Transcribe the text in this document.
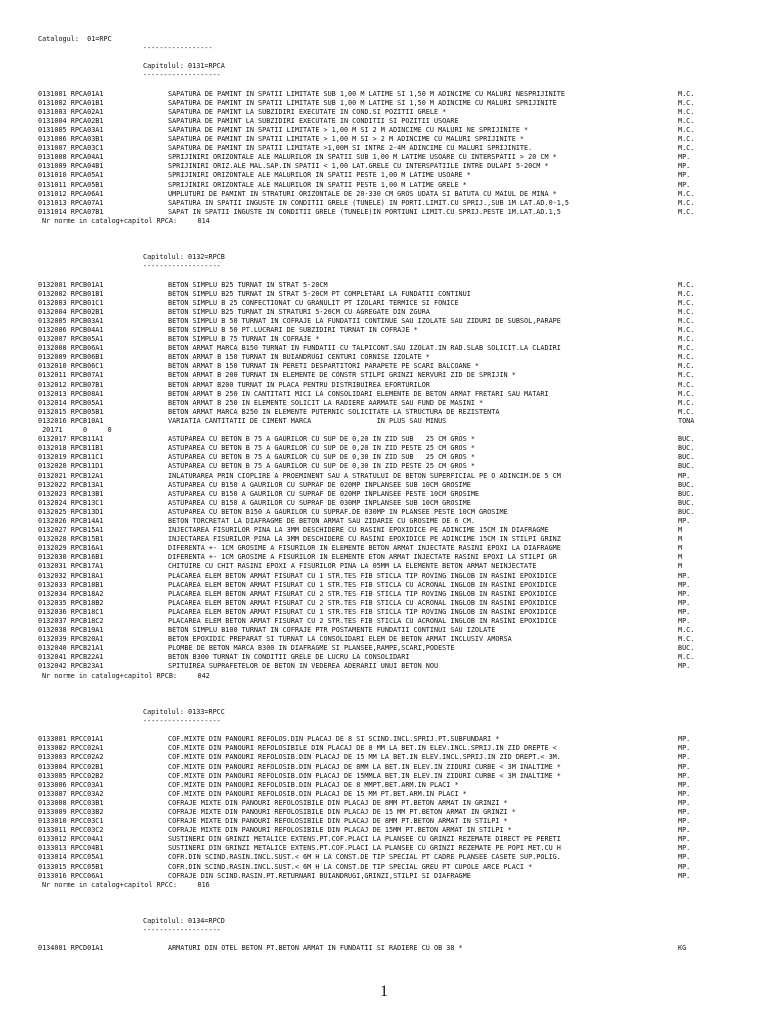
Catalogul:  01=RPC
-----------------
Capitolul: 0131=RPCA
-------------------
0131001 RPCA01A1	SAPATURA DE PAMINT IN SPATII LIMITATE SUB 1,00 M LATIME SI 1,50 M ADINCIME CU MALURI NESPRIJINITE	M.C.
0131002 RPCA01B1	SAPATURA DE PAMINT IN SPATII LIMITATE SUB 1,00 M LATIME SI 1,50 M ADINCIME CU MALURI SPRIJINITE	M.C.
0131003 RPCA02A1	SAPATURA DE PAMINT LA SUBZIDIRI EXECUTATE IN COND.SI POZITII GRELE *	M.C.
0131004 RPCA02B1	SAPATURA DE PAMINT LA SUBZIDIRI EXECUTATE IN CONDITII SI POZITII USOARE	M.C.
0131005 RPCA03A1	SAPATURA DE PAMINT IN SPATII LIMITATE > 1,00 M SI 2 M ADINCIME CU MALURI NE SPRIJINITE *	M.C.
0131006 RPCA03B1	SAPATURA DE PAMINT IN SPATII LIMITATE > 1,00 M SI > 2 M ADINCIME CU MALURI SPRIJINITE *	M.C.
0131007 RPCA03C1	SAPATURA DE PAMINT IN SPATII LIMITATE >1,00M SI INTRE 2-4M ADINCIME CU MALURI SPRIJINITE.	M.C.
0131008 RPCA04A1	SPRIJINIRI ORIZONTALE ALE MALURILOR IN SPATII SUB 1,00 M LATIME USOARE CU INTERSPATII > 20 CM *	MP.
0131009 RPCA04B1	SPRIJINIRI ORIZ.ALE MAL.SAP.IN SPATII < 1,00 LAT.GRELE CU INTERSPATIILE INTRE DULAPI 5-20CM *	MP.
0131010 RPCA05A1	SPRIJINIRI ORIZONTALE ALE MALURILOR IN SPATII PESTE 1,00 M LATIME USOARE *	MP.
0131011 RPCA05B1	SPRIJINIRI ORIZONTALE ALE MALURILOR IN SPATII PESTE 1,00 M LATIME GRELE *	MP.
0131012 RPCA06A1	UMPLUTURI DE PAMINT IN STRATURI ORIZONTALE DE 20-330 CM GROS UDATA SI BATUTA CU MAIUL DE MINA *	M.C.
0131013 RPCA07A1	SAPATURA IN SPATII INGUSTE IN CONDITII GRELE (TUNELE) IN PORTI.LIMIT.CU SPRIJ.,SUB 1M LAT.AD.0-1,5	M.C.
0131014 RPCA07B1	SAPAT IN SPATII INGUSTE IN CONDITII GRELE (TUNELE)IN PORTIUNI LIMIT.CU SPRIJ.PESTE 1M.LAT.AD.1,5	M.C.
Nr norme in catalog+capitol RPCA:     014
Capitolul: 0132=RPCB
-------------------
0132001 RPCB01A1	BETON SIMPLU B25 TURNAT IN STRAT 5-20CM	M.C.
0132002 RPCB01B1	BETON SIMPLU B25 TURNAT IN STRAT 5-20CM PT COMPLETARI LA FUNDATII CONTINUI	M.C.
0132003 RPCB01C1	BETON SIMPLU B 25 CONFECTIONAT CU GRANULIT PT IZOLARI TERMICE SI FONICE	M.C.
0132004 RPCB02B1	BETON SIMPLU B25 TURNAT IN STRATURI 5-20CM CU AGREGATE DIN ZGURA	M.C.
0132005 RPCB03A1	BETON SIMPLU B 50 TURNAT IN COFRAJE LA FUNDATII CONTINUE SAU IZOLATE SAU ZIDURI DE SUBSOL,PARAPE	M.C.
0132006 RPCB04A1	BETON SIMPLU B 50 PT.LUCRARI DE SUBZIDIRI TURNAT IN COFRAJE *	M.C.
0132007 RPCB05A1	BETON SIMPLU B 75 TURNAT IN COFRAJE *	M.C.
0132008 RPCB06A1	BETON ARMAT MARCA B150 TURNAT IN FUNDATII CU TALPICONT.SAU IZOLAT.IN RAD.SLAB SOLICIT.LA CLADIRI	M.C.
0132009 RPCB06B1	BETON ARMAT B 150 TURNAT IN BUIANDRUGI CENTURI CORNISE IZOLATE *	M.C.
0132010 RPCB06C1	BETON ARMAT B 150 TURNAT IN PERETI DESPARTITORI PARAPETE PE SCARI BALCOANE *	M.C.
0132011 RPCB07A1	BETON ARMAT B 200 TURNAT IN ELEMENTE DE CONSTR STILPI GRINZI NERVURI ZID DE SPRIJIN *	M.C.
0132012 RPCB07B1	BETON ARMAT B200 TURNAT IN PLACA PENTRU DISTRIBUIREA EFORTURILOR	M.C.
0132013 RPCB08A1	BETON ARMAT B 250 IN CANTITATI MICI LA CONSOLIDARI ELEMENTE DE BETON ARMAT FRETARI SAU MATARI	M.C.
0132014 RPCB05A1	BETON ARMAT B 250 IN ELEMENTE SOLICIT LA RADIERE AARMATE SAU FUND DE MASINI *	M.C.
0132015 RPCB05B1	BETON ARMAT MARCA B250 IN ELEMENTE PUTERNIC SOLICITATE LA STRUCTURA DE REZISTENTA	M.C.
0132016 RPCB10A1	VARIATIA CANTITATII DE CIMENT MARCA                IN PLUS SAU MINUS	TONA
20171     0     0
0132017 RPCB11A1	ASTUPAREA CU BETON B 75 A GAURILOR CU SUP DE 0,20 IN ZID SUB   25 CM GROS *	BUC.
0132018 RPCB11B1	ASTUPAREA CU BETON B 75 A GAURILOR CU SUP DE 0,20 IN ZID PESTE 25 CM GROS *	BUC.
0132019 RPCB11C1	ASTUPAREA CU BETON B 75 A GAURILOR CU SUP DE 0,30 IN ZID SUB   25 CM GROS *	BUC.
0132020 RPCB11D1	ASTUPAREA CU BETON B 75 A GAURILOR CU SUP DE 0,30 IN ZID PESTE 25 CM GROS *	BUC.
0132021 RPCB12A1	INLATURAREA PRIN CIOPLIRE A PROEMINENT SAU A STRATULUI DE BETON SUPERFICIAL PE O ADINCIM.DE 5 CM	MP.
0132022 RPCB13A1	ASTUPAREA CU B150 A GAURILOR CU SUPRAF DE 020MP INPLANSEE SUB 10CM GROSIME	BUC.
0132023 RPCB13B1	ASTUPAREA CU B150 A GAURILOR CU SUPRAF DE 020MP INPLANSEE PESTE 10CM GROSIME	BUC.
0132024 RPCB13C1	ASTUPAREA CU B150 A GAURILOR CU SUPRAF DE 030MP INPLANSEE SUB 10CM GROSIME	BUC.
0132025 RPCB13D1	ASTUPAREA CU BETON B150 A GAURILOR CU SUPRAF.DE 030MP IN PLANSEE PESTE 10CM GROSIME	BUC.
0132026 RPCB14A1	BETON TORCRETAT LA DIAFRAGME DE BETON ARMAT SAU ZIDARIE CU GROSIME DE 6 CM.	MP.
0132027 RPCB15A1	INJECTAREA FISURILOR PINA LA 3MM DESCHIDERE CU RASINI EPOXIDICE PE ADINCIME 15CM IN DIAFRAGME	M
0132028 RPCB15B1	INJECTAREA FISURILOR PINA LA 3MM DESCHIDERE CU RASINI EPOXIDICE PE ADINCIME 15CM IN STILPI GRINZ	M
0132029 RPCB16A1	DIFERENTA +- 1CM GROSIME A FISURILOR IN ELEMENTE BETON ARMAT INJECTATE RASINI EPOXI LA DIAFRAGME	M
0132030 RPCB16B1	DIFERENTA +- 1CM GROSIME A FISURILOR IN ELEMENTE ETON ARMAT INJECTATE RASINI EPOXI LA STILPI GR	M
0132031 RPCB17A1	CHITUIRE CU CHIT RASINI EPOXI A FISURILOR PINA LA 05MM LA ELEMENTE BETON ARMAT NEINJECTATE	M
0132032 RPCB18A1	PLACAREA ELEM BETON ARMAT FISURAT CU 1 STR.TES FIB STICLA TIP ROVING INGLOB IN RASINI EPOXIDICE	MP.
0132033 RPCB18B1	PLACAREA ELEM BETON ARMAT FISURAT CU 1 STR.TES FIB STICLA CU ACRONAL INGLOB IN RASINI EPOXIDICE	MP.
0132034 RPCB18A2	PLACAREA ELEM BETON ARMAT FISURAT CU 2 STR.TES FIB STICLA TIP ROVING INGLOB IN RASINI EPOXIDICE	MP.
0132035 RPCB18B2	PLACAREA ELEM BETON ARMAT FISURAT CU 2 STR.TES FIB STICLA CU ACRONAL INGLOB IN RASINI EPOXIDICE	MP.
0132036 RPCB18C1	PLACAREA ELEM BETON ARMAT FISURAT CU 1 STR.TES FIB STICLA TIP ROVING INGLOB IN RASINI EPOXIDICE	MP.
0132037 RPCB18C2	PLACAREA ELEM BETON ARMAT FISURAT CU 2 STR.TES FIB STICLA CU ACRONAL INGLOB IN RASINI EPOXIDICE	MP.
0132038 RPCB19A1	BETON SIMPLU B100 TURNAT IN COFRAJE PTR POSTAMENTE FUNDATII CONTINUI SAU IZOLATE	M.C.
0132039 RPCB20A1	BETON EPOXIDIC PREPARAT SI TURNAT LA CONSOLIDARI ELEM DE BETON ARMAT INCLUSIV AMORSA	M.C.
0132040 RPCB21A1	PLOMBE DE BETON MARCA B300 IN DIAFRAGME SI PLANSEE,RAMPE,SCARI,PODESTE	BUC.
0132041 RPCB22A1	BETON B300 TURNAT IN CONDITII GRELE DE LUCRU LA CONSOLIDARI	M.C.
0132042 RPCB23A1	SPITUIREA SUPRAFETELOR DE BETON IN VEDEREA ADERARII UNUI BETON NOU	MP.
Nr norme in catalog+capitol RPCB:     042
Capitolul: 0133=RPCC
-------------------
0133001 RPCC01A1	COF.MIXTE DIN PANOURI REFOLOS.DIN PLACAJ DE 8 SI SCIND.INCL.SPRIJ.PT.SUBFUNDARI *	MP.
0133002 RPCC02A1	COF.MIXTE DIN PANOURI REFOLOSIBILE DIN PLACAJ DE 8 MM LA BET.IN ELEV.INCL.SPRIJ.IN ZID DREPTE <	MP.
0133003 RPCC02A2	COF.MIXTE DIN PANOURI REFOLOSIB.DIN PLACAJ DE 15 MM LA BET.IN ELEV.INCL.SPRIJ.IN ZID DREPT.< 3M.	MP.
0133004 RPCC02B1	COF.MIXTE DIN PANOURI REFOLOSIB.DIN PLACAJ DE 8MM LA BET.IN ELEV.IN ZIDURI CURBE < 3M INALTIME *	MP.
0133005 RPCC02B2	COF.MIXTE DIN PANOURI REFOLOSIB.DIN PLACAJ DE 15MMLA BET.IN ELEV.IN ZIDURI CURBE < 3M INALTIME *	MP.
0133006 RPCC03A1	COF.MIXTE DIN PANOURI REFOLOSIB.DIN PLACAJ DE 8 MMPT.BET.ARM.IN PLACI *	MP.
0133007 RPCC03A2	COF.MIXTE DIN PANOURI REFOLOSIB.DIN PLACAJ DE 15 MM PT.BET.ARM.IN PLACI *	MP.
0133008 RPCC03B1	COFRAJE MIXTE DIN PANOURI REFOLOSIBILE DIN PLACAJ DE 8MM PT.BETON ARMAT IN GRINZI *	MP.
0133009 RPCC03B2	COFRAJE MIXTE DIN PANOURI REFOLOSIBILE DIN PLACAJ DE 15 MM PT.BETON ARMAT IN GRINZI *	MP.
0133010 RPCC03C1	COFRAJE MIXTE DIN PANOURI REFOLOSIBILE DIN PLACAJ DE 8MM PT.BETON ARMAT IN STILPI *	MP.
0133011 RPCC03C2	COFRAJE MIXTE DIN PANOURI REFOLOSIBILE DIN PLACAJ DE 15MM PT.BETON ARMAT IN STILPI *	MP.
0133012 RPCC04A1	SUSTINERI DIN GRINZI METALICE EXTENS.PT.COF.PLACI LA PLANSEE CU GRINZI REZEMATE DIRECT PE PERETI	MP.
0133013 RPCC04B1	SUSTINERI DIN GRINZI METALICE EXTENS.PT.COF.PLACI LA PLANSEE CU GRINZI REZEMATE PE POPI MET.CU H	MP.
0133014 RPCC05A1	COFR.DIN SCIND.RASIN.INCL.SUST.< 6M H LA CONST.DE TIP SPECIAL PT CADRE PLANSEE CASETE SUP.POLIG.	MP.
0133015 RPCC05B1	COFR.DIN SCIND.RASIN.INCL.SUST.< 6M H LA CONST.DE TIP SPECIAL GREU PT CUPOLE ARCE PLACI *	MP.
0133016 RPCC06A1	COFRAJE DIN SCIND.RASIN.PT.RETURNARI BUIANDRUGI,GRINZI,STILPI SI DIAFRAGME	MP.
Nr norme in catalog+capitol RPCC:     016
Capitolul: 0134=RPCD
-------------------
0134001 RPCD01A1	ARMATURI DIN OTEL BETON PT.BETON ARMAT IN FUNDATII SI RADIERE CU OB 38 *	KG
1
